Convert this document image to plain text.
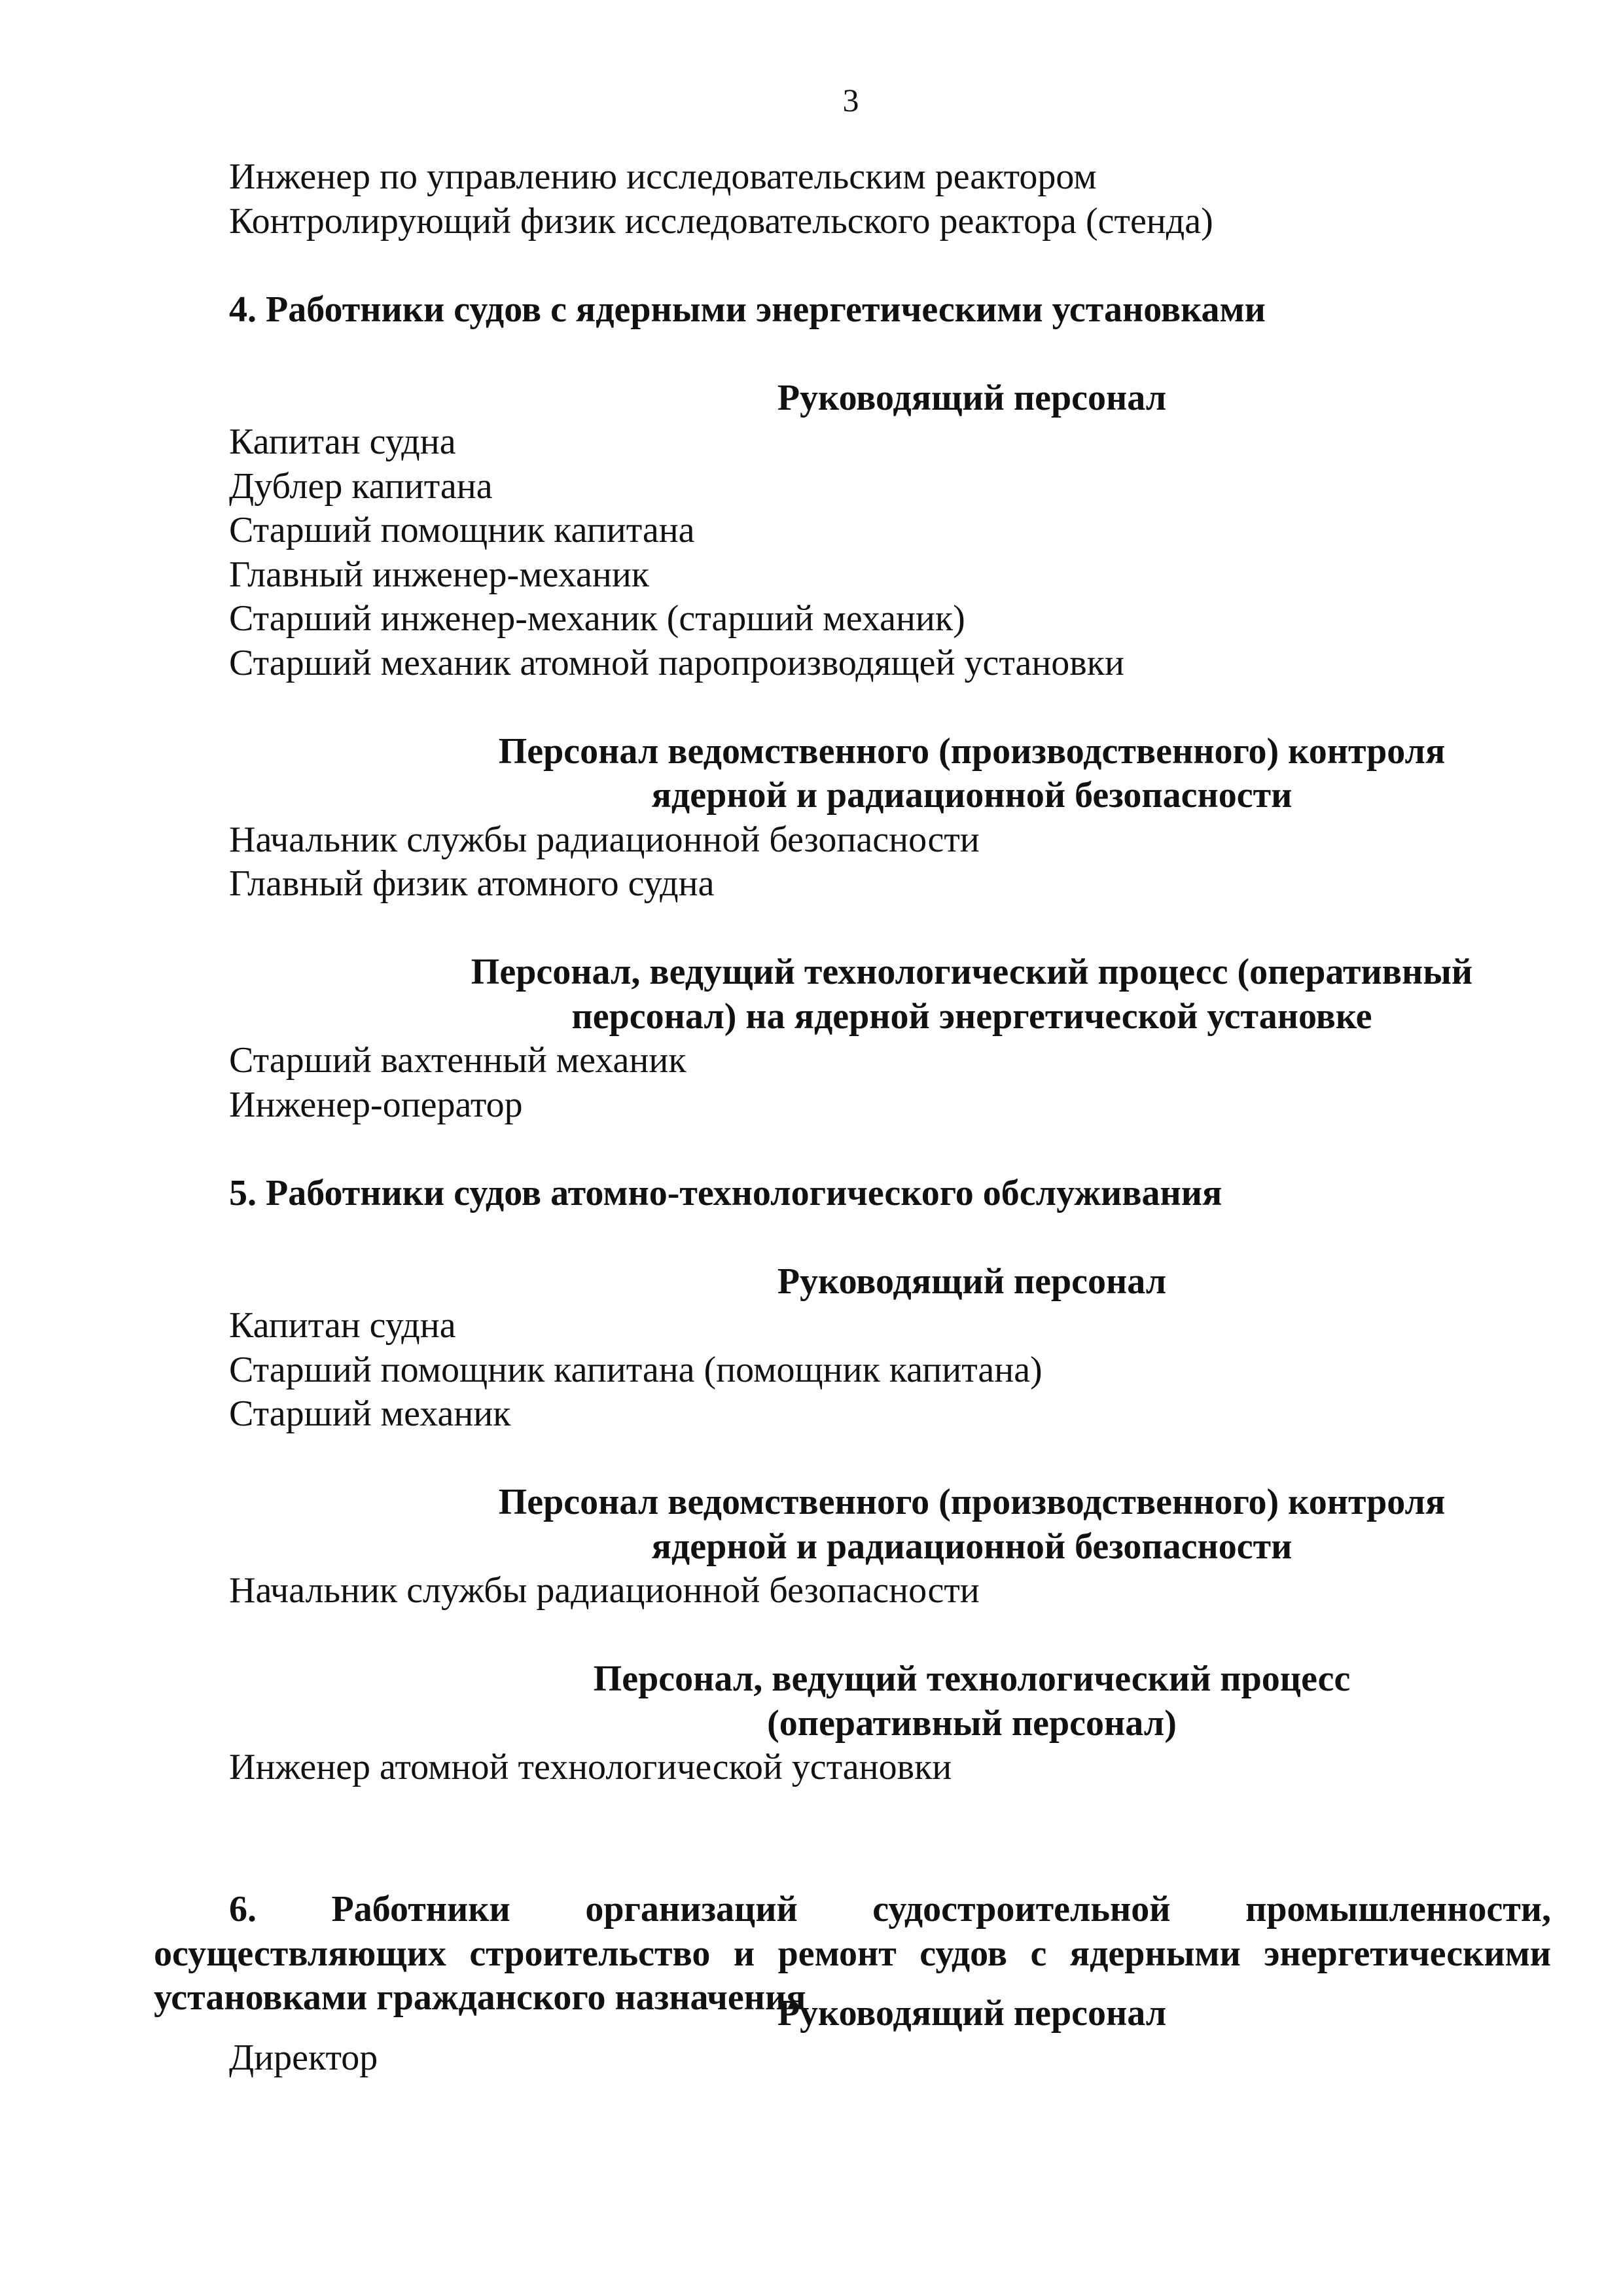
3

Инженер по управлению исследовательским реактором

Контролирующий физик исследовательского реактора (стенда)

4. Работники судов с ядерными энергетическими установками

Руководящий персонал

Капитан судна

Дублер капитана

Старший помощник капитана

Главный инженер-механик

Старший инженер-механик (старший механик)

Старший механик атомной паропроизводящей установки

Персонал ведомственного (производственного) контроля

ядерной и радиационной безопасности

Начальник службы радиационной безопасности

Главный физик атомного судна

Персонал, ведущий технологический процесс (оперативный

персонал) на ядерной энергетической установке

Старший вахтенный механик

Инженер-оператор

5. Работники судов атомно-технологического обслуживания

Руководящий персонал

Капитан судна

Старший помощник капитана (помощник капитана)

Старший механик

Персонал ведомственного (производственного) контроля

ядерной и радиационной безопасности

Начальник службы радиационной безопасности

Персонал, ведущий технологический процесс

(оперативный персонал)

Инженер атомной технологической установки

6. Работники организаций судостроительной промышленности, осуществляющих строительство и ремонт судов с ядерными энергетическими установками гражданского назначения

Руководящий персонал

Директор
